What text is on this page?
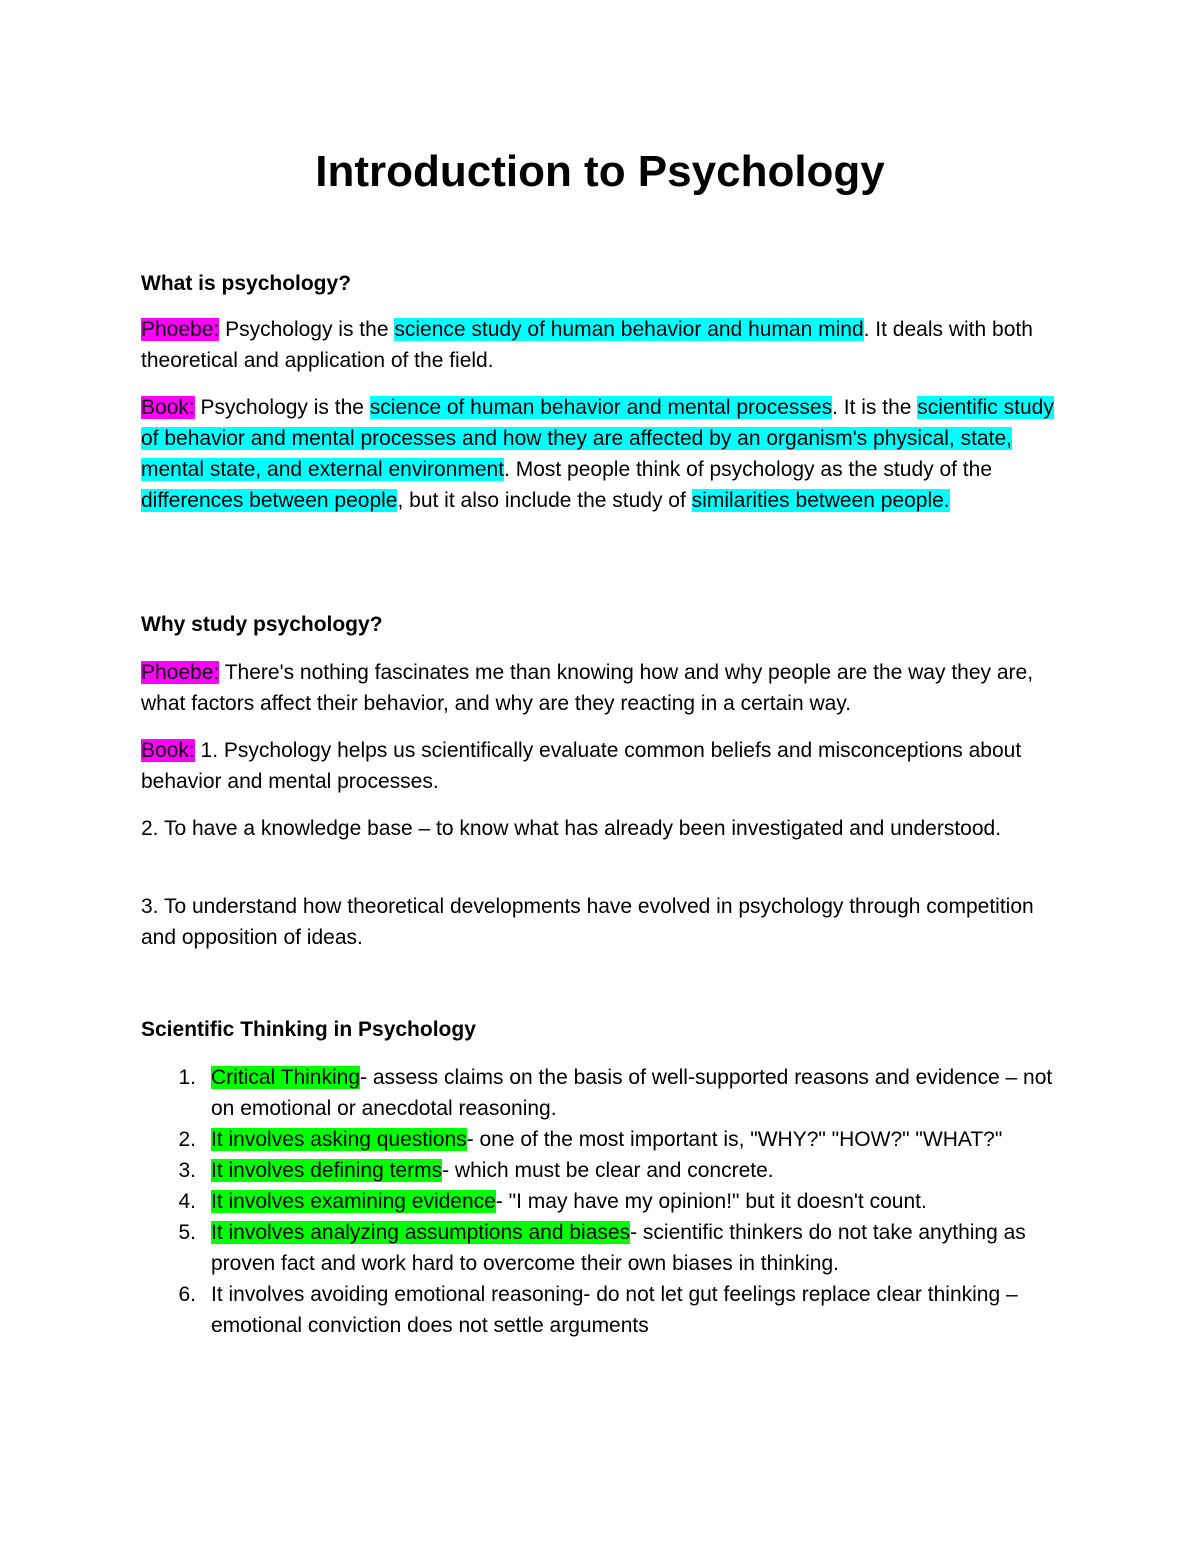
Introduction to Psychology
What is psychology?

Phoebe: Psychology is the science study of human behavior and human mind. It deals with both theoretical and application of the field.

Book: Psychology is the science of human behavior and mental processes. It is the scientific study of behavior and mental processes and how they are affected by an organism's physical, state, mental state, and external environment. Most people think of psychology as the study of the differences between people, but it also include the study of similarities between people.

Why study psychology?

Phoebe: There's nothing fascinates me than knowing how and why people are the way they are, what factors affect their behavior, and why are they reacting in a certain way.

Book: 1. Psychology helps us scientifically evaluate common beliefs and misconceptions about behavior and mental processes.

2. To have a knowledge base – to know what has already been investigated and understood.

3. To understand how theoretical developments have evolved in psychology through competition and opposition of ideas.

Scientific Thinking in Psychology
1. Critical Thinking- assess claims on the basis of well-supported reasons and evidence – not on emotional or anecdotal reasoning.
2. It involves asking questions- one of the most important is, "WHY?" "HOW?" "WHAT?"
3. It involves defining terms- which must be clear and concrete.
4. It involves examining evidence- "I may have my opinion!" but it doesn't count.
5. It involves analyzing assumptions and biases- scientific thinkers do not take anything as proven fact and work hard to overcome their own biases in thinking.
6. It involves avoiding emotional reasoning- do not let gut feelings replace clear thinking – emotional conviction does not settle arguments
